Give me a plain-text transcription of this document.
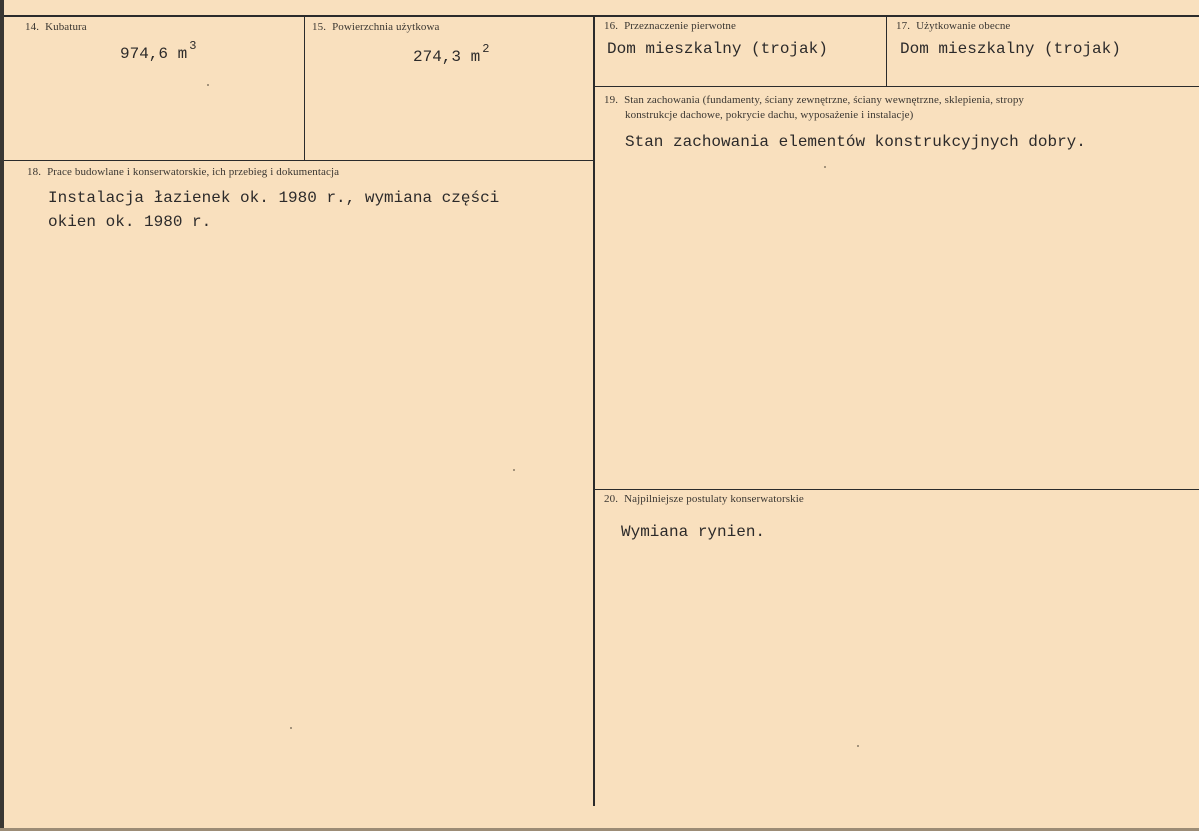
14. Kubatura
974,6 m $^3$
15. Powierzchnia użytkowa
274,3 m $^2$
16. Przeznaczenie pierwotne
Dom mieszkalny (trojak)
17. Użytkowanie obecne
Dom mieszkalny (trojak)
18. Prace budowlane i konserwatorskie, ich przebieg i dokumentacja
Instalacja łazienek ok. 1980 r., wymiana części
okien ok. 1980 r.
19. Stan zachowania (fundamenty, ściany zewnętrzne, ściany wewnętrzne, sklepienia, stropy
konstrukcje dachowe, pokrycie dachu, wyposażenie i instalacje)
Stan zachowania elementów konstrukcyjnych dobry.
20. Najpilniejsze postulaty konserwatorskie
Wymiana rynien.
